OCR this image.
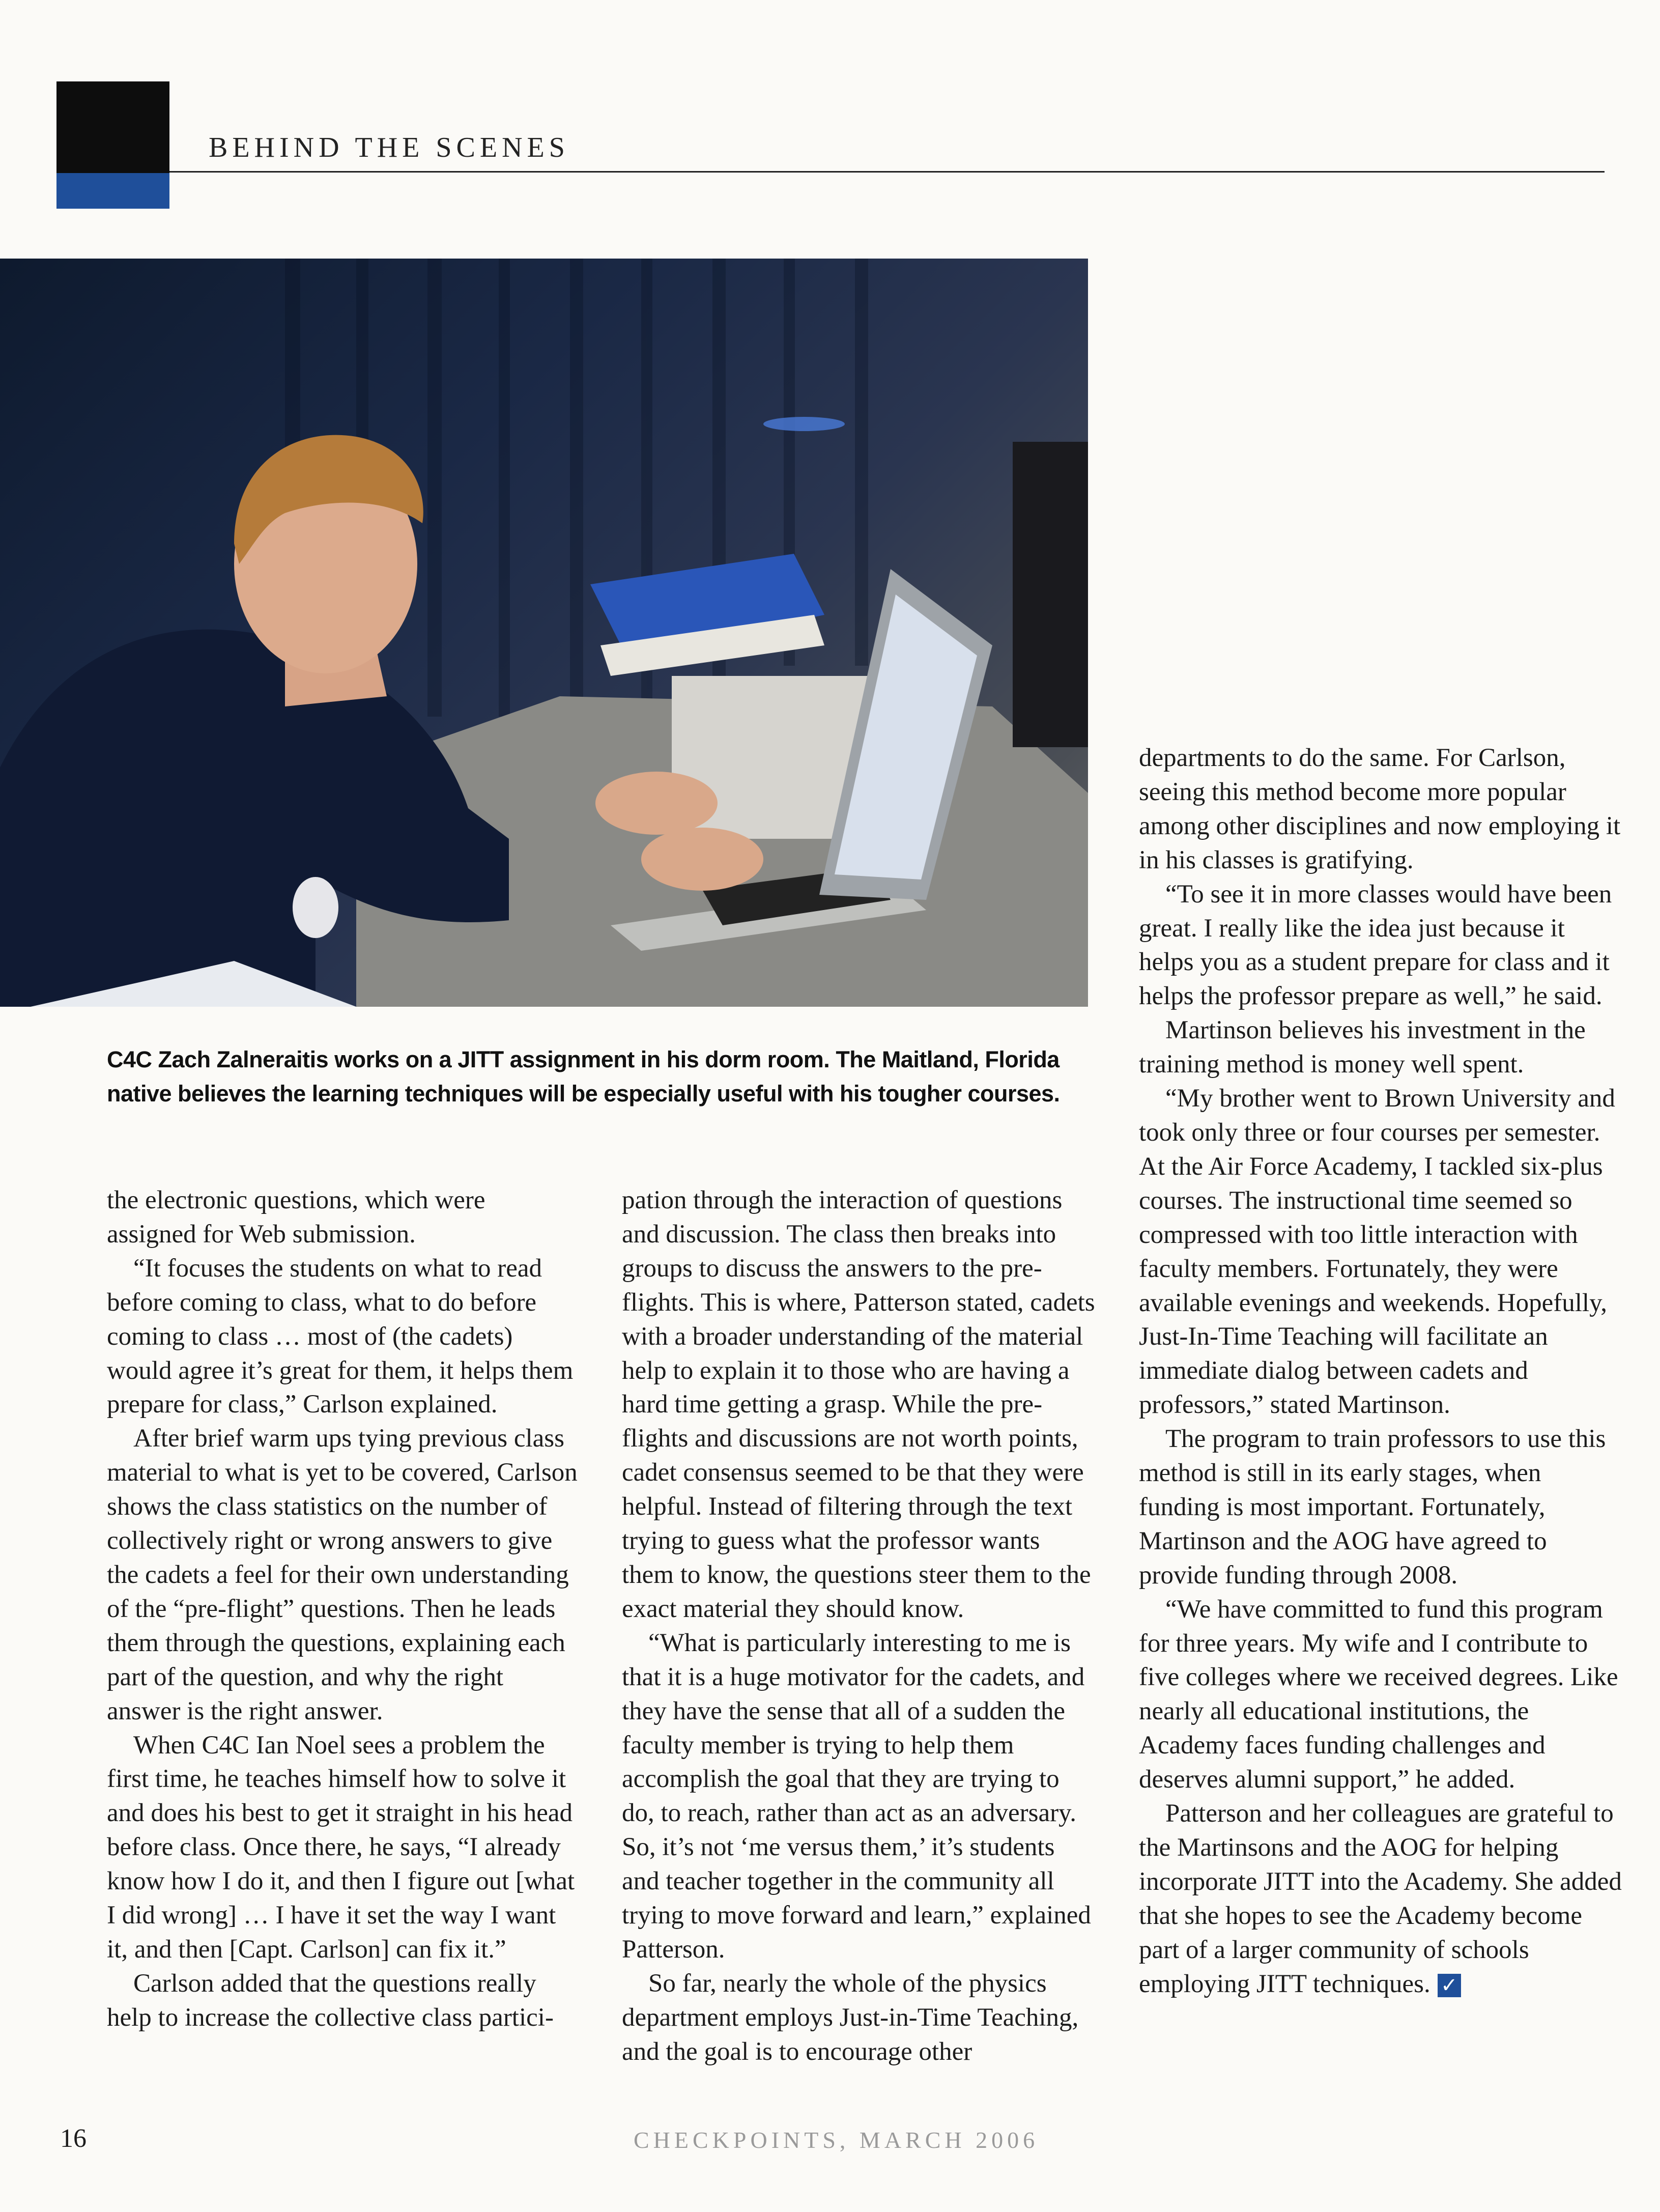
BEHIND THE SCENES
C4C Zach Zalneraitis works on a JITT assignment in his dorm room. The Maitland, Florida native believes the learning techniques will be especially useful with his tougher courses.

the electronic questions, which were assigned for Web submission.

“It focuses the students on what to read before coming to class, what to do before coming to class … most of (the cadets) would agree it’s great for them, it helps them prepare for class,” Carlson explained.

After brief warm ups tying previous class material to what is yet to be covered, Carlson shows the class statistics on the number of collectively right or wrong answers to give the cadets a feel for their own understanding of the “pre-flight” questions. Then he leads them through the questions, explaining each part of the question, and why the right answer is the right answer.

When C4C Ian Noel sees a problem the first time, he teaches himself how to solve it and does his best to get it straight in his head before class. Once there, he says, “I already know how I do it, and then I figure out [what I did wrong] … I have it set the way I want it, and then [Capt. Carlson] can fix it.”

Carlson added that the questions really help to increase the collective class partici-

pation through the interaction of questions and discussion. The class then breaks into groups to discuss the answers to the pre-flights. This is where, Patterson stated, cadets with a broader understanding of the material help to explain it to those who are having a hard time getting a grasp. While the pre-flights and discussions are not worth points, cadet consensus seemed to be that they were helpful. Instead of filtering through the text trying to guess what the professor wants them to know, the questions steer them to the exact material they should know.

“What is particularly interesting to me is that it is a huge motivator for the cadets, and they have the sense that all of a sudden the faculty member is trying to help them accomplish the goal that they are trying to do, to reach, rather than act as an adversary. So, it’s not ‘me versus them,’ it’s students and teacher together in the community all trying to move forward and learn,” explained Patterson.

So far, nearly the whole of the physics department employs Just-in-Time Teaching, and the goal is to encourage other

departments to do the same. For Carlson, seeing this method become more popular among other disciplines and now employing it in his classes is gratifying.

“To see it in more classes would have been great. I really like the idea just because it helps you as a student prepare for class and it helps the professor prepare as well,” he said.

Martinson believes his investment in the training method is money well spent.

“My brother went to Brown University and took only three or four courses per semester. At the Air Force Academy, I tackled six-plus courses. The instructional time seemed so compressed with too little interaction with faculty members. Fortunately, they were available evenings and weekends. Hopefully, Just-In-Time Teaching will facilitate an immediate dialog between cadets and professors,” stated Martinson.

The program to train professors to use this method is still in its early stages, when funding is most important. Fortunately, Martinson and the AOG have agreed to provide funding through 2008.

“We have committed to fund this program for three years. My wife and I contribute to five colleges where we received degrees. Like nearly all educational institutions, the Academy faces funding challenges and deserves alumni support,” he added.

Patterson and her colleagues are grateful to the Martinsons and the AOG for helping incorporate JITT into the Academy. She added that she hopes to see the Academy become part of a larger community of schools employing JITT techniques. ✓

16	CHECKPOINTS, MARCH 2006
